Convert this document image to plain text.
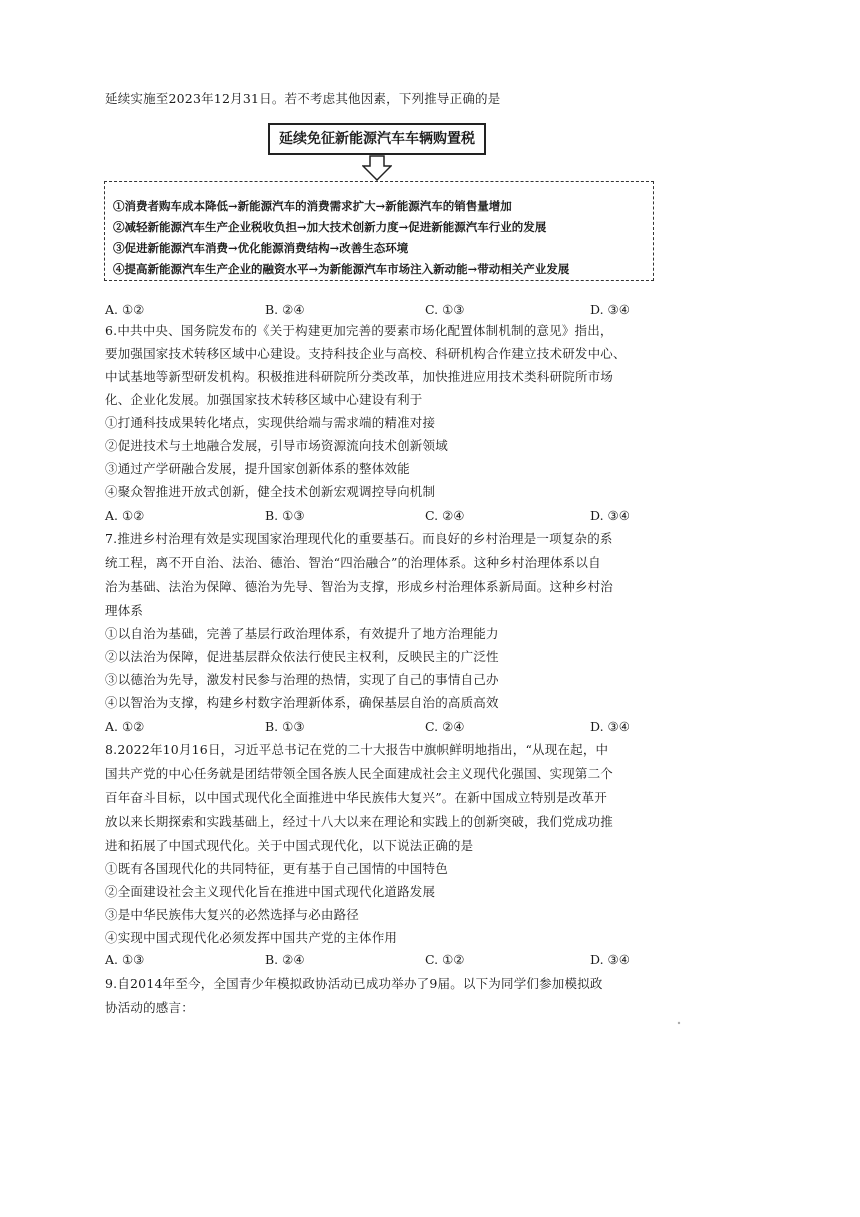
延续实施至2023年12月31日。若不考虑其他因素，下列推导正确的是
延续免征新能源汽车车辆购置税
①消费者购车成本降低→新能源汽车的消费需求扩大→新能源汽车的销售量增加
②减轻新能源汽车生产企业税收负担→加大技术创新力度→促进新能源汽车行业的发展
③促进新能源汽车消费→优化能源消费结构→改善生态环境
④提高新能源汽车生产企业的融资水平→为新能源汽车市场注入新动能→带动相关产业发展
A. ①②	B. ②④	C. ①③	D. ③④
6.中共中央、国务院发布的《关于构建更加完善的要素市场化配置体制机制的意见》指出，
要加强国家技术转移区域中心建设。支持科技企业与高校、科研机构合作建立技术研发中心、
中试基地等新型研发机构。积极推进科研院所分类改革，加快推进应用技术类科研院所市场
化、企业化发展。加强国家技术转移区域中心建设有利于
①打通科技成果转化堵点，实现供给端与需求端的精准对接
②促进技术与土地融合发展，引导市场资源流向技术创新领域
③通过产学研融合发展，提升国家创新体系的整体效能
④聚众智推进开放式创新，健全技术创新宏观调控导向机制
A. ①②	B. ①③	C. ②④	D. ③④
7.推进乡村治理有效是实现国家治理现代化的重要基石。而良好的乡村治理是一项复杂的系
统工程，离不开自治、法治、德治、智治“四治融合”的治理体系。这种乡村治理体系以自
治为基础、法治为保障、德治为先导、智治为支撑，形成乡村治理体系新局面。这种乡村治
理体系
①以自治为基础，完善了基层行政治理体系，有效提升了地方治理能力
②以法治为保障，促进基层群众依法行使民主权利，反映民主的广泛性
③以德治为先导，激发村民参与治理的热情，实现了自己的事情自己办
④以智治为支撑，构建乡村数字治理新体系，确保基层自治的高质高效
A. ①②	B. ①③	C. ②④	D. ③④
8.2022年10月16日，习近平总书记在党的二十大报告中旗帜鲜明地指出，“从现在起，中
国共产党的中心任务就是团结带领全国各族人民全面建成社会主义现代化强国、实现第二个
百年奋斗目标，以中国式现代化全面推进中华民族伟大复兴”。在新中国成立特别是改革开
放以来长期探索和实践基础上，经过十八大以来在理论和实践上的创新突破，我们党成功推
进和拓展了中国式现代化。关于中国式现代化，以下说法正确的是
①既有各国现代化的共同特征，更有基于自己国情的中国特色
②全面建设社会主义现代化旨在推进中国式现代化道路发展
③是中华民族伟大复兴的必然选择与必由路径
④实现中国式现代化必须发挥中国共产党的主体作用
A. ①③	B. ②④	C. ①②	D. ③④
9.自2014年至今，全国青少年模拟政协活动已成功举办了9届。以下为同学们参加模拟政
协活动的感言：
